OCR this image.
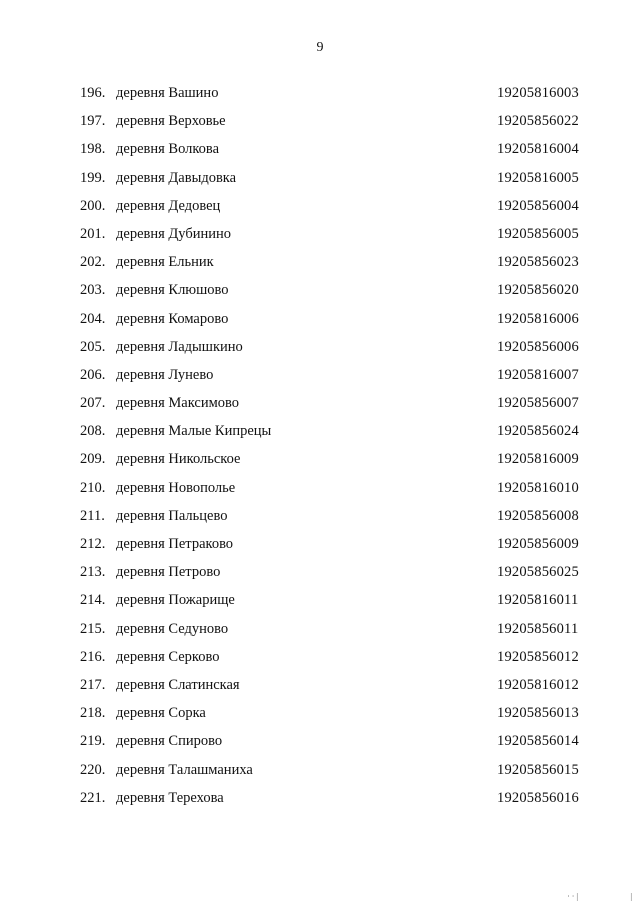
9
196. деревня Вашино	19205816003
197. деревня Верховье	19205856022
198. деревня Волкова	19205816004
199. деревня Давыдовка	19205816005
200. деревня Дедовец	19205856004
201. деревня Дубинино	19205856005
202. деревня Ельник	19205856023
203. деревня Клюшово	19205856020
204. деревня Комарово	19205816006
205. деревня Ладышкино	19205856006
206. деревня Лунево	19205816007
207. деревня Максимово	19205856007
208. деревня Малые Кипрецы	19205856024
209. деревня Никольское	19205816009
210. деревня Новополье	19205816010
211. деревня Пальцево	19205856008
212. деревня Петраково	19205856009
213. деревня Петрово	19205856025
214. деревня Пожарище	19205816011
215. деревня Седуново	19205856011
216. деревня Серково	19205856012
217. деревня Слатинская	19205816012
218. деревня Сорка	19205856013
219. деревня Спирово	19205856014
220. деревня Талашманиха	19205856015
221. деревня Терехова	19205856016
· · |	|
